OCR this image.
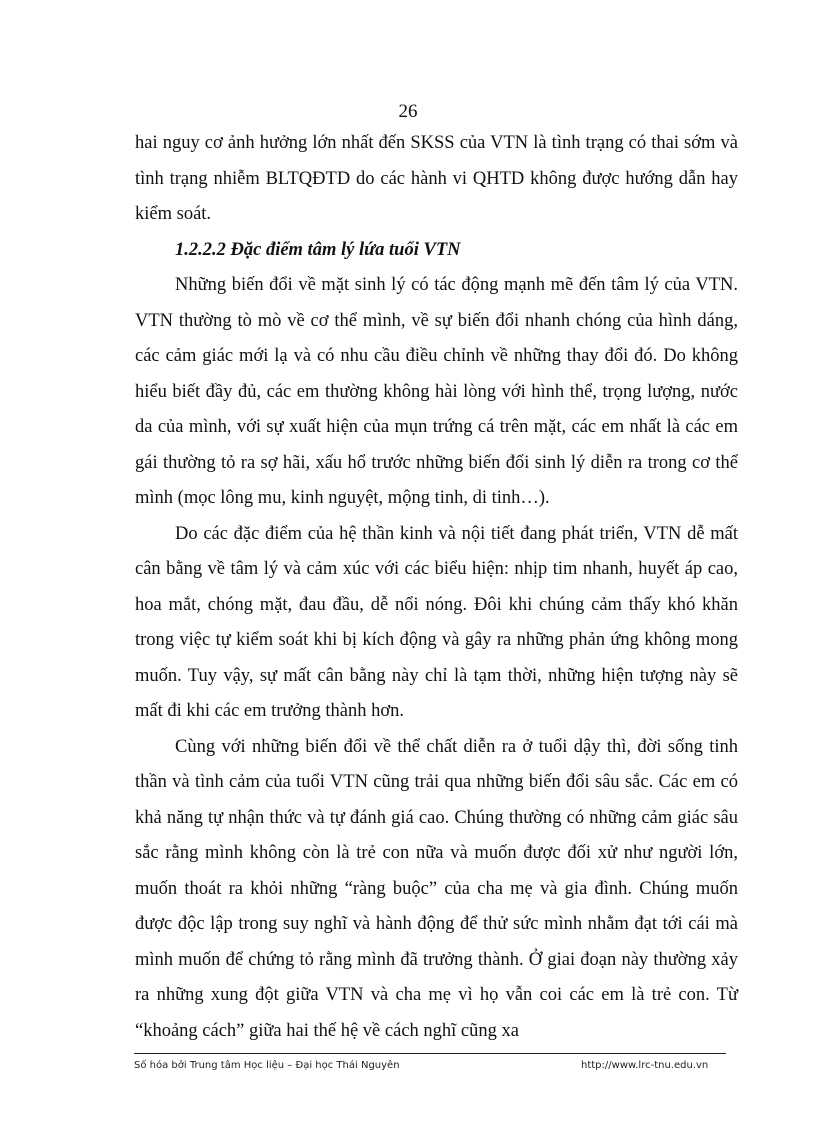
26

hai nguy cơ ảnh hưởng lớn nhất đến SKSS của VTN là tình trạng có thai sớm và tình trạng nhiễm BLTQĐTD do các hành vi QHTD không được hướng dẫn hay kiểm soát.

1.2.2.2 Đặc điểm tâm lý lứa tuổi VTN

Những biến đổi về mặt sinh lý có tác động mạnh mẽ đến tâm lý của VTN. VTN thường tò mò về cơ thể mình, về sự biến đổi nhanh chóng của hình dáng, các cảm giác mới lạ và có nhu cầu điều chỉnh về những thay đổi đó. Do không hiểu biết đầy đủ, các em thường không hài lòng với hình thể, trọng lượng, nước da của mình, với sự xuất hiện của mụn trứng cá trên mặt, các em nhất là các em gái thường tỏ ra sợ hãi, xấu hổ trước những biến đổi sinh lý diễn ra trong cơ thể mình (mọc lông mu, kinh nguyệt, mộng tinh, di tinh…).

Do các đặc điểm của hệ thần kinh và nội tiết đang phát triển, VTN dễ mất cân bằng về tâm lý và cảm xúc với các biểu hiện: nhịp tim nhanh, huyết áp cao, hoa mắt, chóng mặt, đau đầu, dễ nổi nóng. Đôi khi chúng cảm thấy khó khăn trong việc tự kiểm soát khi bị kích động và gây ra những phản ứng không mong muốn. Tuy vậy, sự mất cân bằng này chỉ là tạm thời, những hiện tượng này sẽ mất đi khi các em trưởng thành hơn.

Cùng với những biến đổi về thể chất diễn ra ở tuổi dậy thì, đời sống tinh thần và tình cảm của tuổi VTN cũng trải qua những biến đổi sâu sắc. Các em có khả năng tự nhận thức và tự đánh giá cao. Chúng thường có những cảm giác sâu sắc rằng mình không còn là trẻ con nữa và muốn được đối xử như người lớn, muốn thoát ra khỏi những “ràng buộc” của cha mẹ và gia đình. Chúng muốn được độc lập trong suy nghĩ và hành động để thử sức mình nhằm đạt tới cái mà mình muốn để chứng tỏ rằng mình đã trưởng thành. Ở giai đoạn này thường xảy ra những xung đột giữa VTN và cha mẹ vì họ vẫn coi các em là trẻ con. Từ “khoảng cách” giữa hai thế hệ về cách nghĩ cũng xa

Số hóa bởi Trung tâm Học liệu – Đại học Thái Nguyên	http://www.lrc-tnu.edu.vn
